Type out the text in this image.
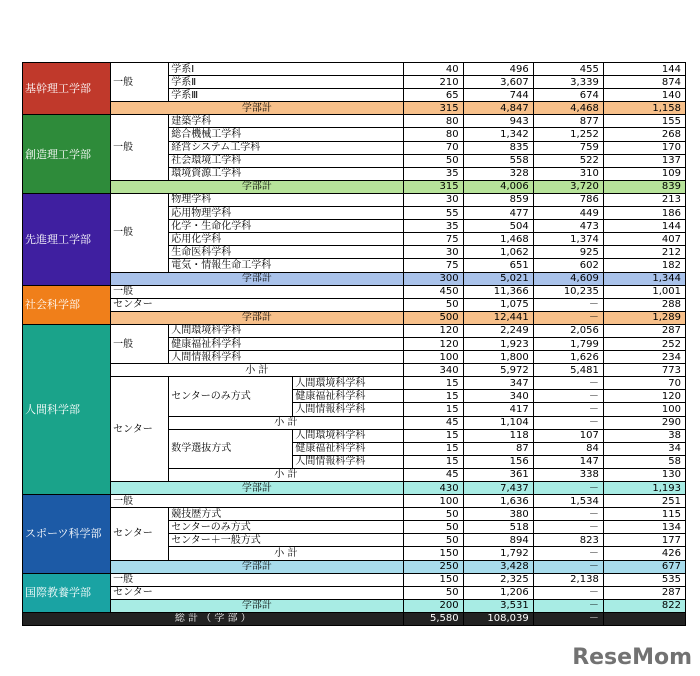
基幹理工学部	一般	学系Ⅰ		40	496	455	144
		学系Ⅱ		210	3,607	3,339	874
		学系Ⅲ		65	744	674	140
	学部計			315	4,847	4,468	1,158
創造理工学部	一般	建築学科		80	943	877	155
		総合機械工学科		80	1,342	1,252	268
		経営システム工学科		70	835	759	170
		社会環境工学科		50	558	522	137
		環境資源工学科		35	328	310	109
	学部計			315	4,006	3,720	839
先進理工学部	一般	物理学科		30	859	786	213
		応用物理学科		55	477	449	186
		化学・生命化学科		35	504	473	144
		応用化学科		75	1,468	1,374	407
		生命医科学科		30	1,062	925	212
		電気・情報生命工学科		75	651	602	182
	学部計			300	5,021	4,609	1,344
社会科学部	一般			450	11,366	10,235	1,001
	センター			50	1,075	－	288
	学部計			500	12,441	－	1,289
人間科学部	一般	人間環境科学科		120	2,249	2,056	287
		健康福祉科学科		120	1,923	1,799	252
		人間情報科学科		100	1,800	1,626	234
	小 計			340	5,972	5,481	773
	センター	センターのみ方式	人間環境科学科	15	347	－	70
			健康福祉科学科	15	340	－	120
			人間情報科学科	15	417	－	100
		小 計		45	1,104	－	290
		数学選抜方式	人間環境科学科	15	118	107	38
			健康福祉科学科	15	87	84	34
			人間情報科学科	15	156	147	58
		小 計		45	361	338	130
	学部計			430	7,437	－	1,193
スポーツ科学部	一般			100	1,636	1,534	251
	センター	競技歴方式		50	380	－	115
		センターのみ方式		50	518	－	134
		センター＋一般方式		50	894	823	177
		小 計		150	1,792	－	426
	学部計			250	3,428	－	677
国際教養学部	一般			150	2,325	2,138	535
	センター			50	1,206	－	287
	学部計			200	3,531	－	822
総 計 （ 学 部 ）				5,580	108,039	－	
ReseMom
